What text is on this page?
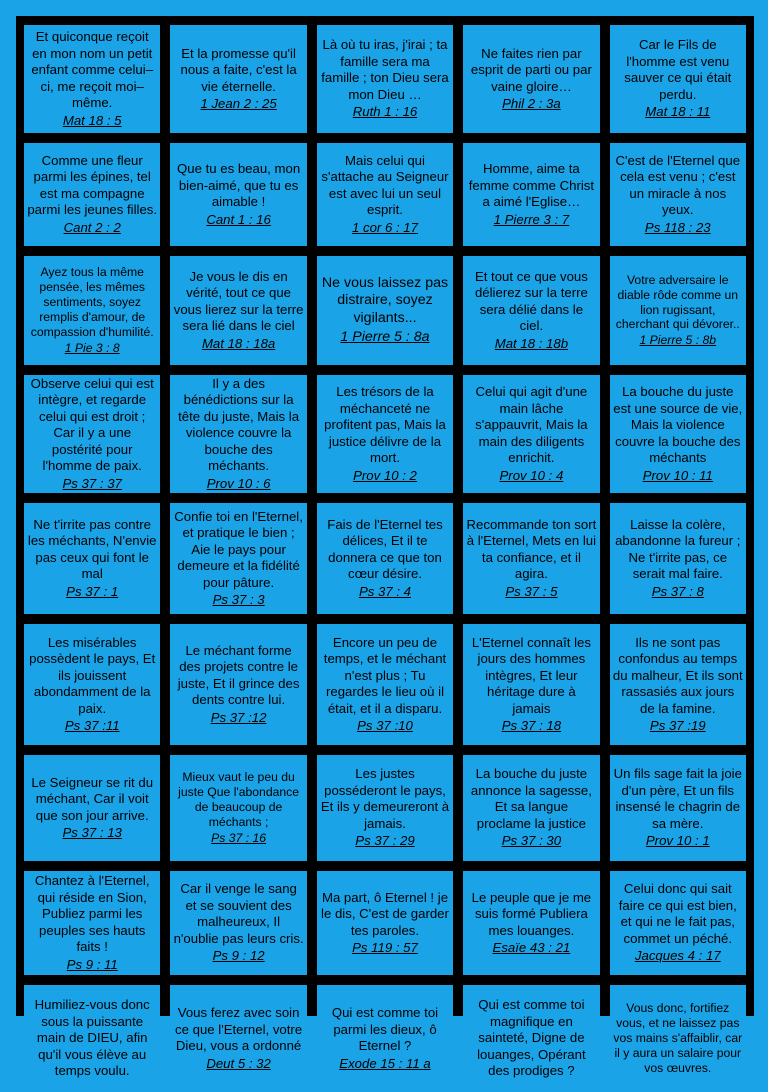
Et quiconque reçoit en mon nom un petit enfant comme celui–ci, me reçoit moi–même.
Mat 18 : 5
Et la promesse qu'il nous a faite, c'est la vie éternelle.
1 Jean 2 : 25
Là où tu iras, j'irai ; ta famille sera ma famille ; ton Dieu sera mon Dieu …
Ruth 1 : 16
Ne faites rien par esprit de parti ou par vaine gloire…
Phil 2 : 3a
Car le Fils de l'homme est venu sauver ce qui était perdu.
Mat 18 : 11
Comme une fleur parmi les épines, tel est ma compagne parmi les jeunes filles.
Cant 2 : 2
Que tu es beau, mon bien-aimé, que tu es aimable !
Cant 1 : 16
Mais celui qui s'attache au Seigneur est avec lui un seul esprit.
1 cor 6 : 17
Homme, aime ta femme comme Christ a aimé l'Eglise…
1 Pierre 3 : 7
C'est de l'Eternel que cela est venu ; c'est un miracle à nos yeux.
Ps 118 : 23
Ayez tous la même pensée, les mêmes sentiments, soyez remplis d'amour, de compassion d'humilité.
1 Pie 3 : 8
Je vous le dis en vérité, tout ce que vous lierez sur la terre sera lié dans le ciel
Mat 18 : 18a
Ne vous laissez pas distraire, soyez vigilants...
1 Pierre 5 : 8a
Et tout ce que vous délierez sur la terre sera délié dans le ciel.
Mat 18 : 18b
Votre adversaire le diable rôde comme un lion rugissant, cherchant qui dévorer..
1 Pierre 5 : 8b
Observe celui qui est intègre, et regarde celui qui est droit ; Car il y a une postérité pour l'homme de paix.
Ps 37 : 37
Il y a des bénédictions sur la tête du juste, Mais la violence couvre la bouche des méchants.
Prov 10 : 6
Les trésors de la méchanceté ne profitent pas, Mais la justice délivre de la mort.
Prov 10 : 2
Celui qui agit d'une main lâche s'appauvrit, Mais la main des diligents enrichit.
Prov 10 : 4
La bouche du juste est une source de vie, Mais la violence couvre la bouche des méchants
Prov 10 : 11
Ne t'irrite pas contre les méchants, N'envie pas ceux qui font le mal
Ps 37 : 1
Confie toi en l'Eternel, et pratique le bien ; Aie le pays pour demeure et la fidélité pour pâture.
Ps 37 : 3
Fais de l'Eternel tes délices, Et il te donnera ce que ton cœur désire.
Ps 37 : 4
Recommande ton sort à l'Eternel, Mets en lui ta confiance, et il agira.
Ps 37 : 5
Laisse la colère, abandonne la fureur ; Ne t'irrite pas, ce serait mal faire.
Ps 37 : 8
Les misérables possèdent le pays, Et ils jouissent abondamment de la paix.
Ps 37 :11
Le méchant forme des projets contre le juste, Et il grince des dents contre lui.
Ps 37 :12
Encore un peu de temps, et le méchant n'est plus ; Tu regardes le lieu où il était, et il a disparu.
Ps 37 :10
L'Eternel connaît les jours des hommes intègres, Et leur héritage dure à jamais
Ps 37 : 18
Ils ne sont pas confondus au temps du malheur, Et ils sont rassasiés aux jours de la famine.
Ps 37 :19
Le Seigneur se rit du méchant, Car il voit que son jour arrive.
Ps 37 : 13
Mieux vaut le peu du juste Que l'abondance de beaucoup de méchants ;
Ps 37 : 16
Les justes posséderont le pays, Et ils y demeureront à jamais.
Ps 37 : 29
La bouche du juste annonce la sagesse, Et sa langue proclame la justice
Ps 37 : 30
Un fils sage fait la joie d'un père, Et un fils insensé le chagrin de sa mère.
Prov 10 : 1
Chantez à l'Eternel, qui réside en Sion, Publiez parmi les peuples ses hauts faits !
Ps 9 : 11
Car il venge le sang et se souvient des malheureux, Il n'oublie pas leurs cris.
Ps 9 : 12
Ma part, ô Eternel ! je le dis, C'est de garder tes paroles.
Ps 119 : 57
Le peuple que je me suis formé Publiera mes louanges.
Esaïe 43 : 21
Celui donc qui sait faire ce qui est bien, et qui ne le fait pas, commet un péché.
Jacques 4 : 17
Humiliez-vous donc sous la puissante main de DIEU, afin qu'il vous élève au temps voulu.
Vous ferez avec soin ce que l'Eternel, votre Dieu, vous a ordonné
Deut 5 : 32
Qui est comme toi parmi les dieux, ô Eternel ?
Exode 15 : 11 a
Qui est comme toi magnifique en sainteté, Digne de louanges, Opérant des prodiges ?
Vous donc, fortifiez vous, et ne laissez pas vos mains s'affaiblir, car il y aura un salaire pour vos œuvres.
